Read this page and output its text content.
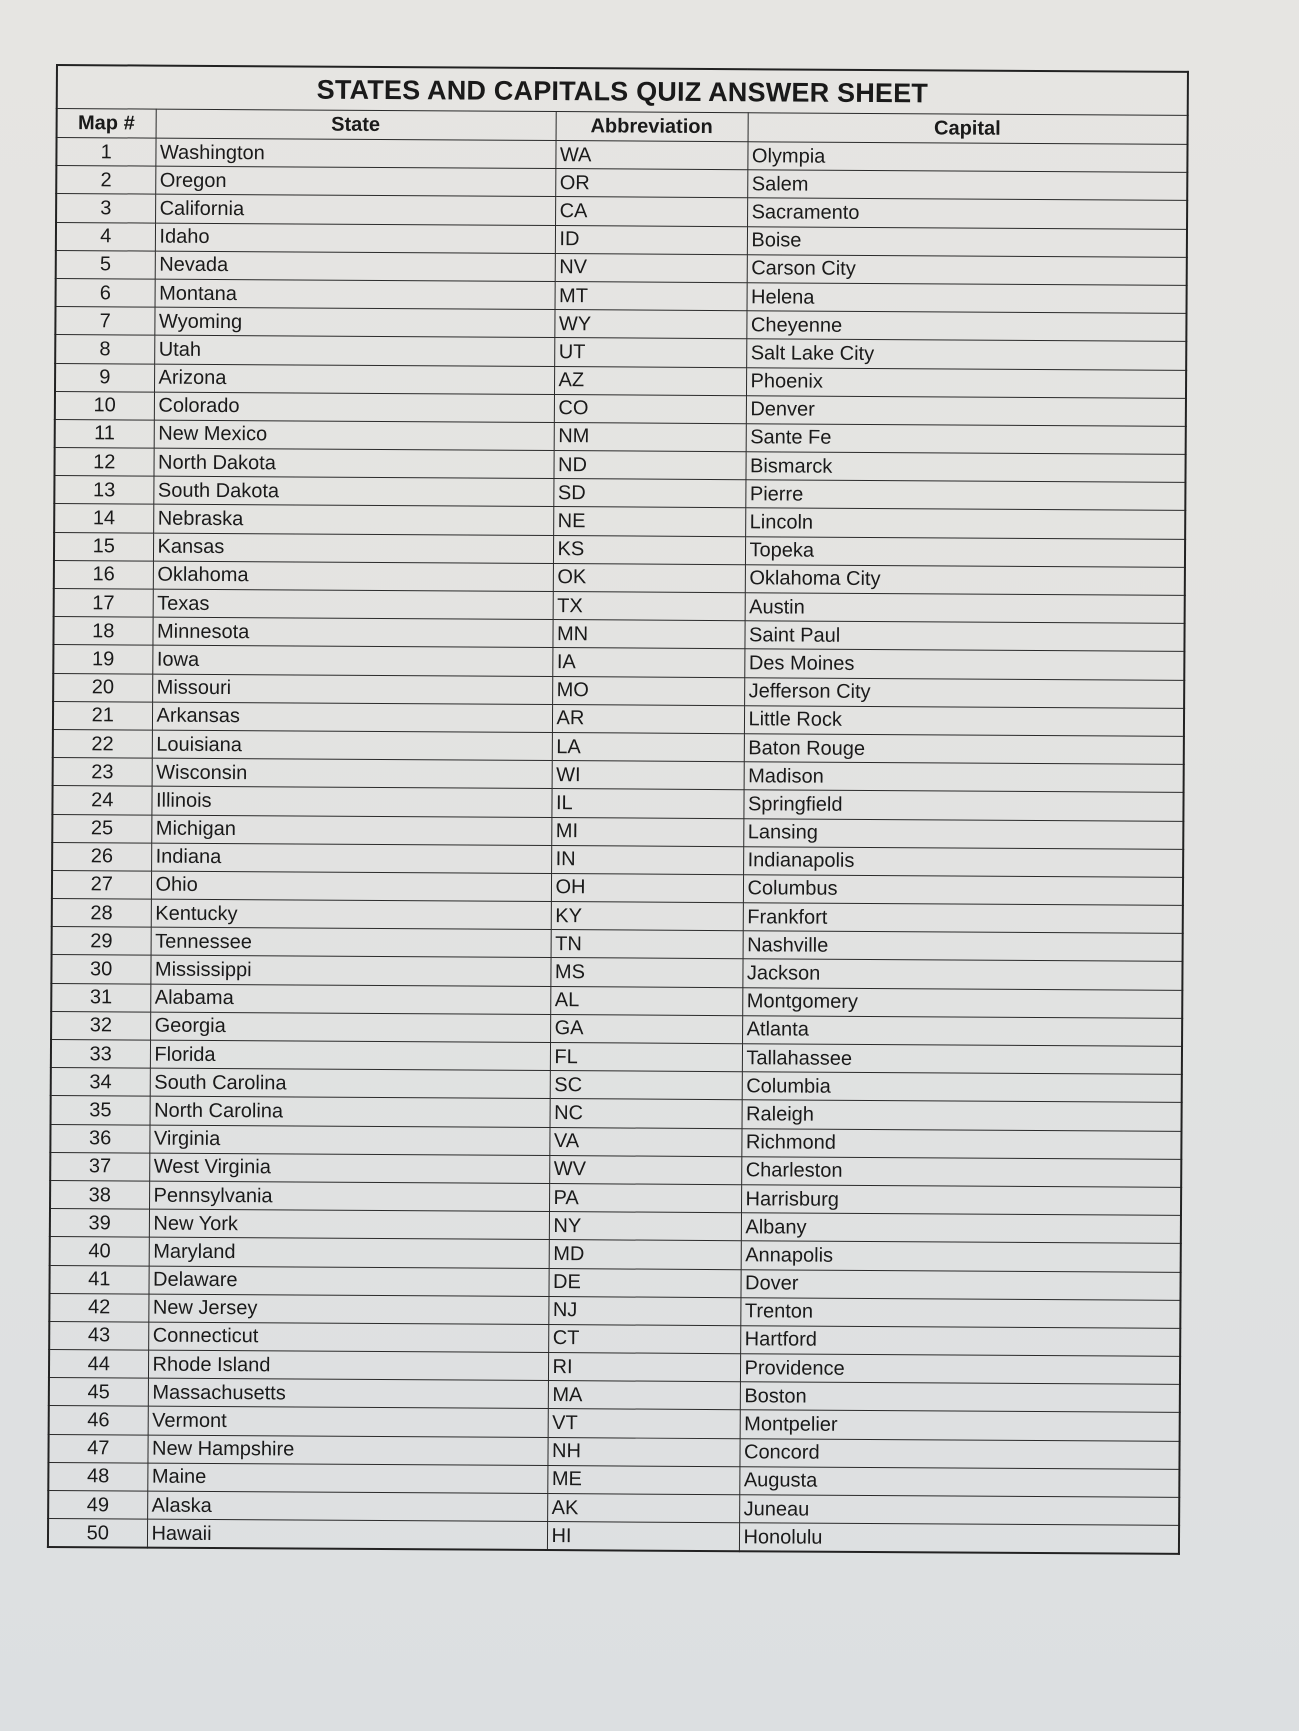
STATES AND CAPITALS QUIZ ANSWER SHEET			
Map #	State	Abbreviation	Capital
1	Washington	WA	Olympia
2	Oregon	OR	Salem
3	California	CA	Sacramento
4	Idaho	ID	Boise
5	Nevada	NV	Carson City
6	Montana	MT	Helena
7	Wyoming	WY	Cheyenne
8	Utah	UT	Salt Lake City
9	Arizona	AZ	Phoenix
10	Colorado	CO	Denver
11	New Mexico	NM	Sante Fe
12	North Dakota	ND	Bismarck
13	South Dakota	SD	Pierre
14	Nebraska	NE	Lincoln
15	Kansas	KS	Topeka
16	Oklahoma	OK	Oklahoma City
17	Texas	TX	Austin
18	Minnesota	MN	Saint Paul
19	Iowa	IA	Des Moines
20	Missouri	MO	Jefferson City
21	Arkansas	AR	Little Rock
22	Louisiana	LA	Baton Rouge
23	Wisconsin	WI	Madison
24	Illinois	IL	Springfield
25	Michigan	MI	Lansing
26	Indiana	IN	Indianapolis
27	Ohio	OH	Columbus
28	Kentucky	KY	Frankfort
29	Tennessee	TN	Nashville
30	Mississippi	MS	Jackson
31	Alabama	AL	Montgomery
32	Georgia	GA	Atlanta
33	Florida	FL	Tallahassee
34	South Carolina	SC	Columbia
35	North Carolina	NC	Raleigh
36	Virginia	VA	Richmond
37	West Virginia	WV	Charleston
38	Pennsylvania	PA	Harrisburg
39	New York	NY	Albany
40	Maryland	MD	Annapolis
41	Delaware	DE	Dover
42	New Jersey	NJ	Trenton
43	Connecticut	CT	Hartford
44	Rhode Island	RI	Providence
45	Massachusetts	MA	Boston
46	Vermont	VT	Montpelier
47	New Hampshire	NH	Concord
48	Maine	ME	Augusta
49	Alaska	AK	Juneau
50	Hawaii	HI	Honolulu
